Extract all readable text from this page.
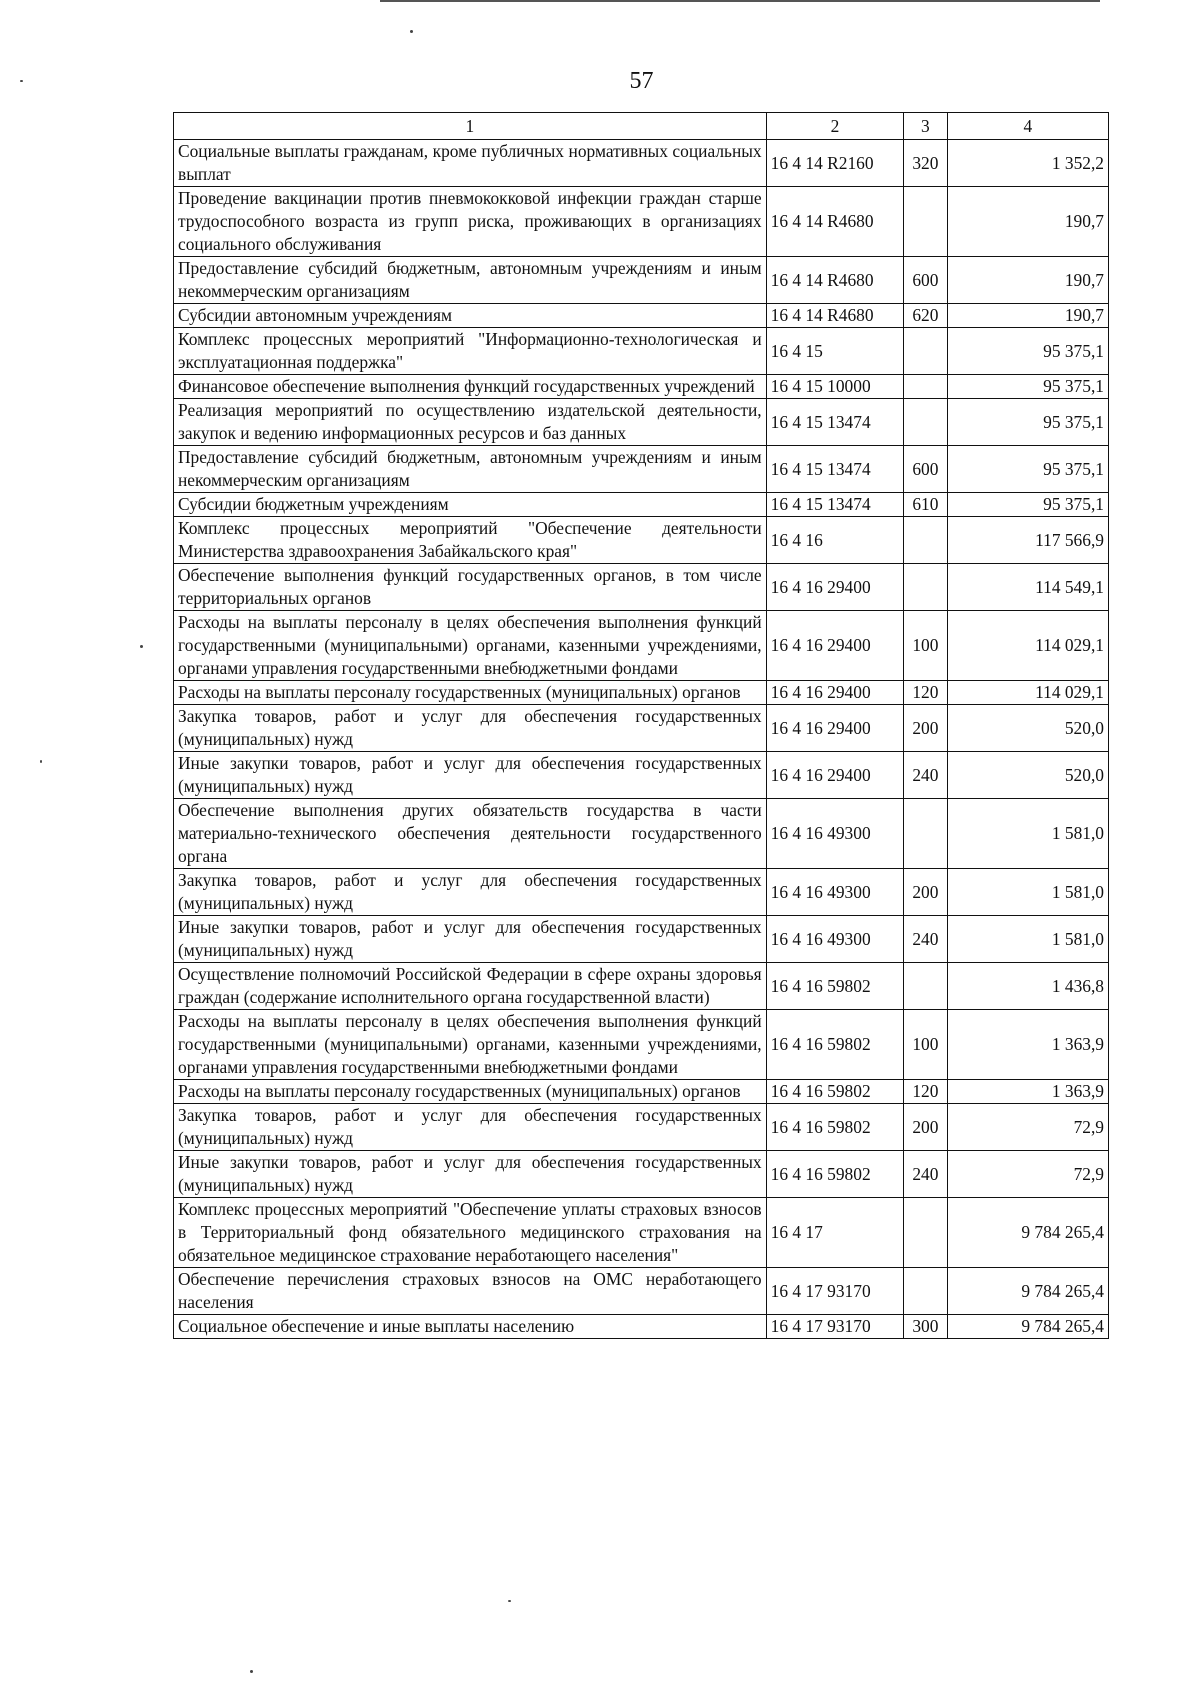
57
1	2	3	4
Социальные выплаты гражданам, кроме публичных нормативных социальных выплат	16 4 14 R2160	320	1 352,2
Проведение вакцинации против пневмококковой инфекции граждан старше трудоспособного возраста из групп риска, проживающих в организациях социального обслуживания	16 4 14 R4680		190,7
Предоставление субсидий бюджетным, автономным учреждениям и иным некоммерческим организациям	16 4 14 R4680	600	190,7
Субсидии автономным учреждениям	16 4 14 R4680	620	190,7
Комплекс процессных мероприятий "Информационно-технологическая и эксплуатационная поддержка"	16 4 15		95 375,1
Финансовое обеспечение выполнения функций государственных учреждений	16 4 15 10000		95 375,1
Реализация мероприятий по осуществлению издательской деятельности, закупок и ведению информационных ресурсов и баз данных	16 4 15 13474		95 375,1
Предоставление субсидий бюджетным, автономным учреждениям и иным некоммерческим организациям	16 4 15 13474	600	95 375,1
Субсидии бюджетным учреждениям	16 4 15 13474	610	95 375,1
Комплекс процессных мероприятий "Обеспечение деятельности Министерства здравоохранения Забайкальского края"	16 4 16		117 566,9
Обеспечение выполнения функций государственных органов, в том числе территориальных органов	16 4 16 29400		114 549,1
Расходы на выплаты персоналу в целях обеспечения выполнения функций государственными (муниципальными) органами, казенными учреждениями, органами управления государственными внебюджетными фондами	16 4 16 29400	100	114 029,1
Расходы на выплаты персоналу государственных (муниципальных) органов	16 4 16 29400	120	114 029,1
Закупка товаров, работ и услуг для обеспечения государственных (муниципальных) нужд	16 4 16 29400	200	520,0
Иные закупки товаров, работ и услуг для обеспечения государственных (муниципальных) нужд	16 4 16 29400	240	520,0
Обеспечение выполнения других обязательств государства в части материально-технического обеспечения деятельности государственного органа	16 4 16 49300		1 581,0
Закупка товаров, работ и услуг для обеспечения государственных (муниципальных) нужд	16 4 16 49300	200	1 581,0
Иные закупки товаров, работ и услуг для обеспечения государственных (муниципальных) нужд	16 4 16 49300	240	1 581,0
Осуществление полномочий Российской Федерации в сфере охраны здоровья граждан (содержание исполнительного органа государственной власти)	16 4 16 59802		1 436,8
Расходы на выплаты персоналу в целях обеспечения выполнения функций государственными (муниципальными) органами, казенными учреждениями, органами управления государственными внебюджетными фондами	16 4 16 59802	100	1 363,9
Расходы на выплаты персоналу государственных (муниципальных) органов	16 4 16 59802	120	1 363,9
Закупка товаров, работ и услуг для обеспечения государственных (муниципальных) нужд	16 4 16 59802	200	72,9
Иные закупки товаров, работ и услуг для обеспечения государственных (муниципальных) нужд	16 4 16 59802	240	72,9
Комплекс процессных мероприятий "Обеспечение уплаты страховых взносов в Территориальный фонд обязательного медицинского страхования на обязательное медицинское страхование неработающего населения"	16 4 17		9 784 265,4
Обеспечение перечисления страховых взносов на ОМС неработающего населения	16 4 17 93170		9 784 265,4
Социальное обеспечение и иные выплаты населению	16 4 17 93170	300	9 784 265,4
